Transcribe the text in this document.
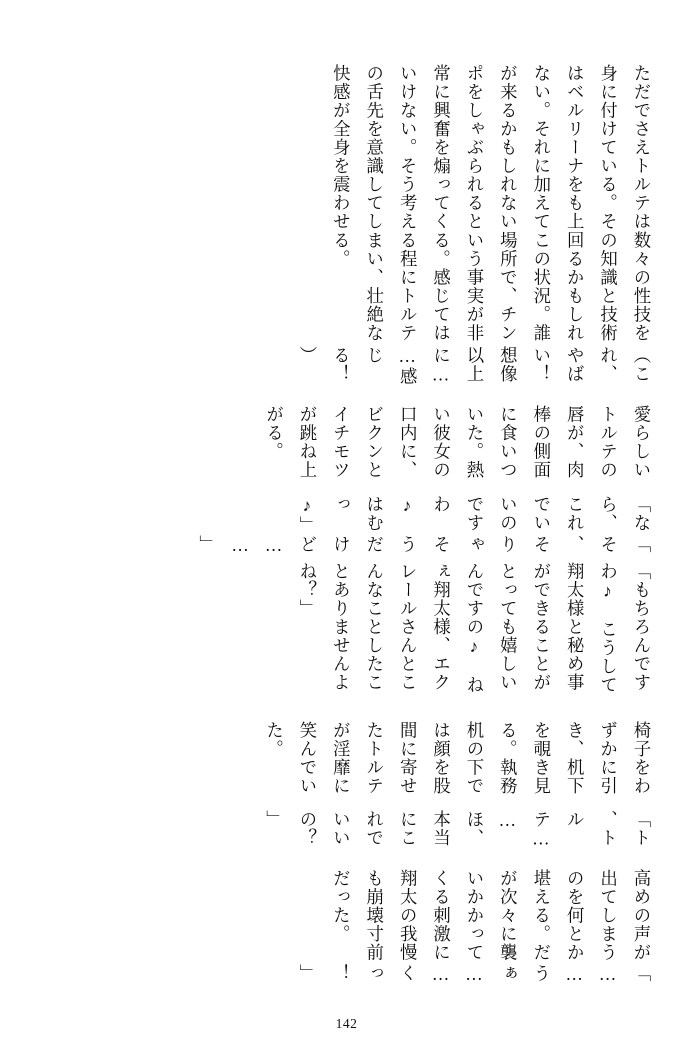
「……うぁ……くっ！」

高めの声が出てしまうのを何とか堪える。だが次々に襲いかかってくる刺激に翔太の我慢も崩壊寸前だった。

「ト、トルテ……ほ、本当にこれでいいの？」

椅子をわずかに引き、机下を覗き見る。執務机の下では顔を股間に寄せたトルテが淫靡に笑んでいた。

「もちろんですわ♪　こうして翔太様と秘め事ができることがとっても嬉しいんですの♪　ねぇ翔太様、エクレールさんとこんなことしたことありませんよね？」

「そ、そりゃそうだけど……」

「なら、これでいいのですわ♪　はむっ♪」

愛らしいトルテの唇が、肉棒の側面に食いついた。熱い彼女の口内に、ビクンとイチモツが跳ね上がる。

（これ、やばい！　想像以上に……感じる！）

ただでさえトルテは数々の性技を身に付けている。その知識と技術はベルリーナをも上回るかもしれない。それに加えてこの状況。誰が来るかもしれない場所で、チンポをしゃぶられるという事実が非常に興奮を煽ってくる。感じてはいけない。そう考える程にトルテの舌先を意識してしまい、壮絶な快感が全身を震わせる。

142
